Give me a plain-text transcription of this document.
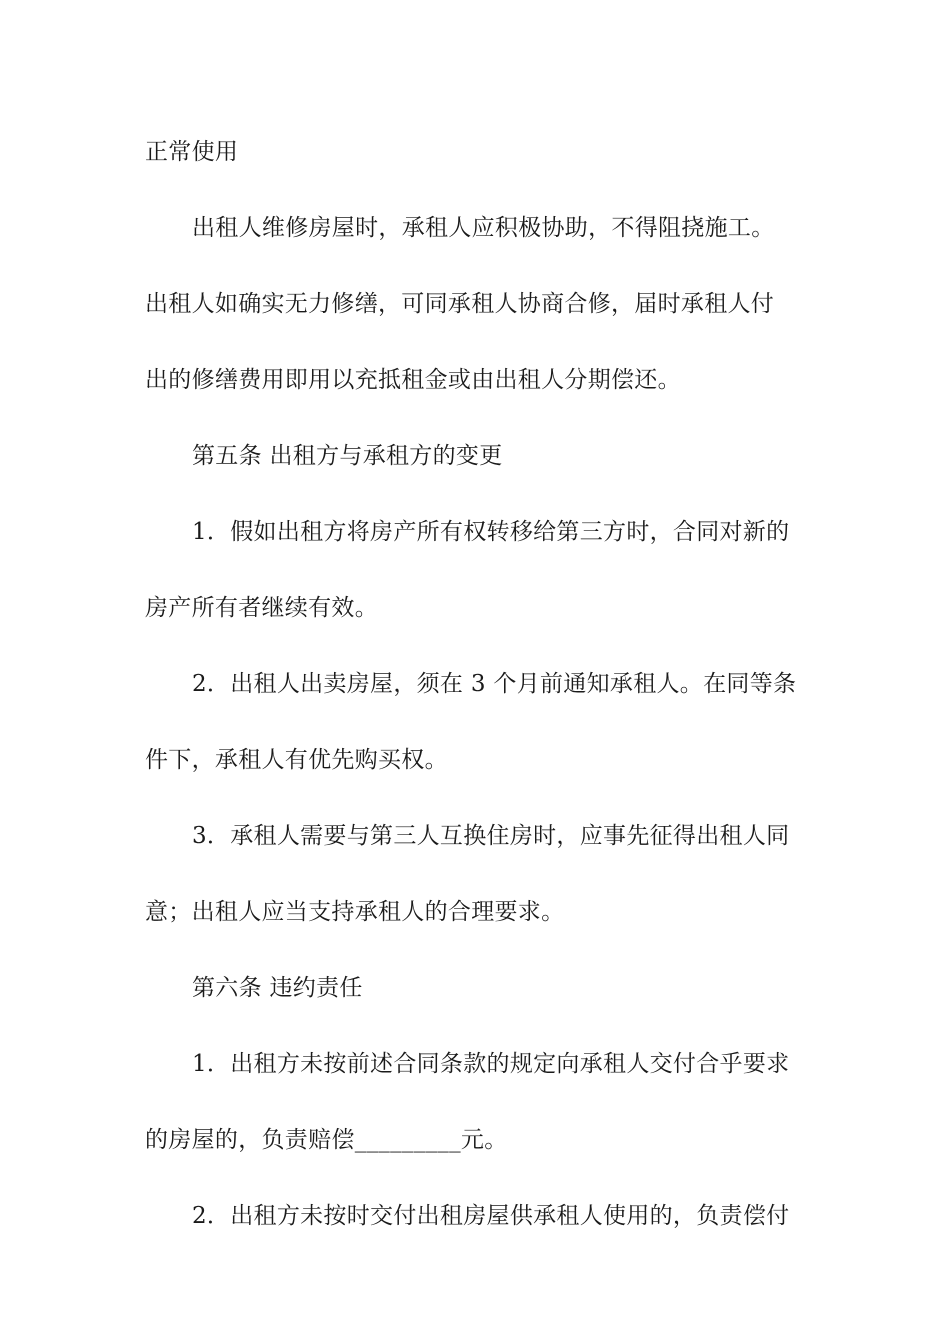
正常使用
出租人维修房屋时，承租人应积极协助，不得阻挠施工。
出租人如确实无力修缮，可同承租人协商合修，届时承租人付
出的修缮费用即用以充抵租金或由出租人分期偿还。
第五条 出租方与承租方的变更
1．假如出租方将房产所有权转移给第三方时，合同对新的
房产所有者继续有效。
2．出租人出卖房屋，须在 3 个月前通知承租人。在同等条
件下，承租人有优先购买权。
3．承租人需要与第三人互换住房时，应事先征得出租人同
意；出租人应当支持承租人的合理要求。
第六条 违约责任
1．出租方未按前述合同条款的规定向承租人交付合乎要求
的房屋的，负责赔偿_________元。
2．出租方未按时交付出租房屋供承租人使用的，负责偿付
